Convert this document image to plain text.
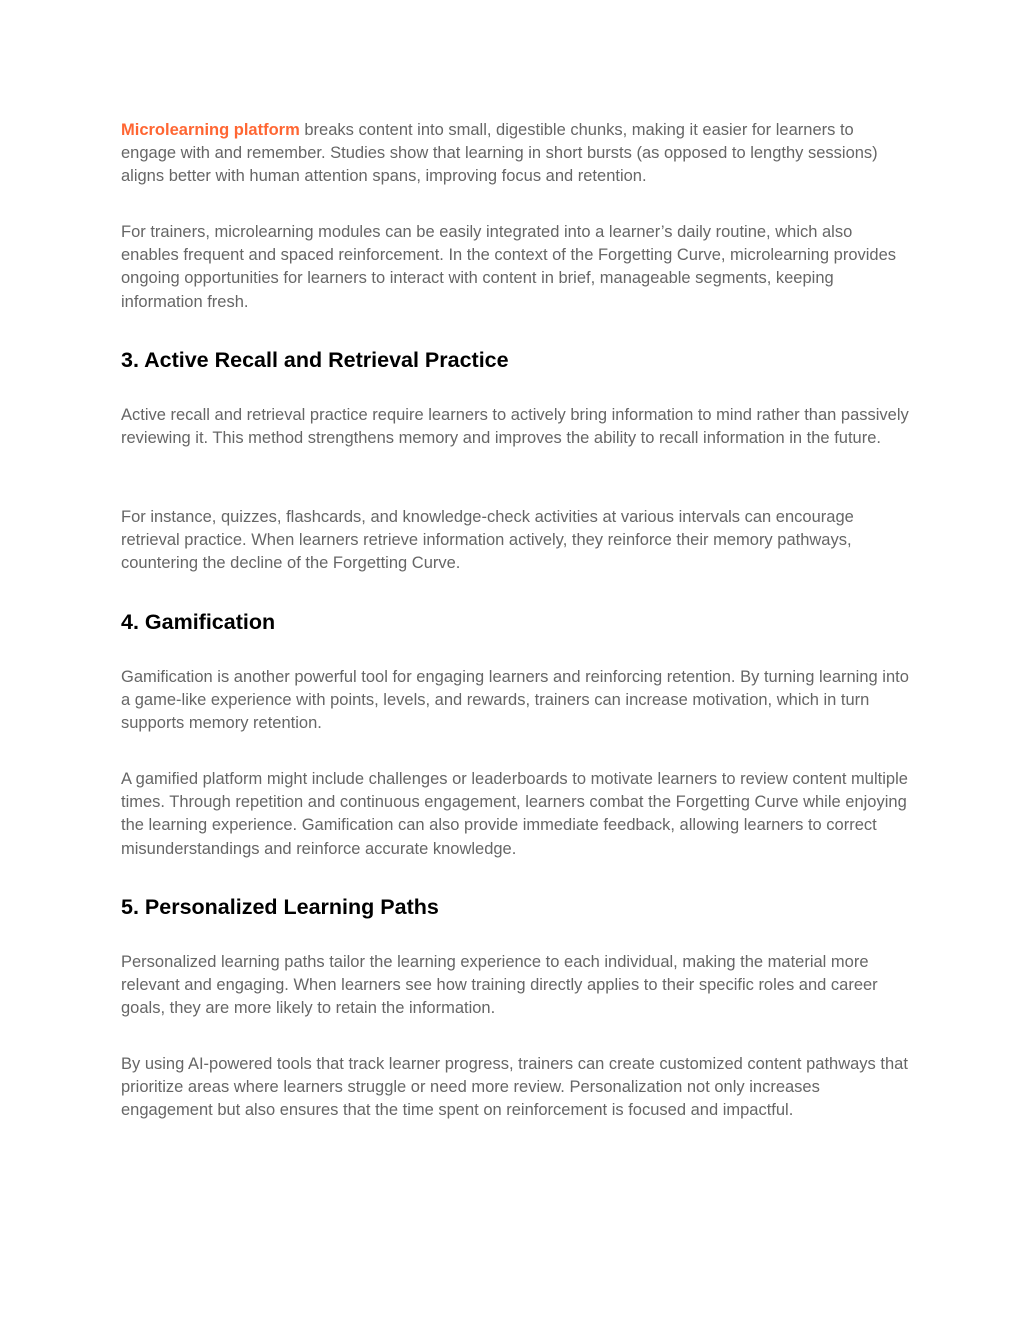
Microlearning platform breaks content into small, digestible chunks, making it easier for learners to engage with and remember. Studies show that learning in short bursts (as opposed to lengthy sessions) aligns better with human attention spans, improving focus and retention.

For trainers, microlearning modules can be easily integrated into a learner’s daily routine, which also enables frequent and spaced reinforcement. In the context of the Forgetting Curve, microlearning provides ongoing opportunities for learners to interact with content in brief, manageable segments, keeping information fresh.

3. Active Recall and Retrieval Practice

Active recall and retrieval practice require learners to actively bring information to mind rather than passively reviewing it. This method strengthens memory and improves the ability to recall information in the future.

For instance, quizzes, flashcards, and knowledge-check activities at various intervals can encourage retrieval practice. When learners retrieve information actively, they reinforce their memory pathways, countering the decline of the Forgetting Curve.

4. Gamification

Gamification is another powerful tool for engaging learners and reinforcing retention. By turning learning into a game-like experience with points, levels, and rewards, trainers can increase motivation, which in turn supports memory retention.

A gamified platform might include challenges or leaderboards to motivate learners to review content multiple times. Through repetition and continuous engagement, learners combat the Forgetting Curve while enjoying the learning experience. Gamification can also provide immediate feedback, allowing learners to correct misunderstandings and reinforce accurate knowledge.

5. Personalized Learning Paths

Personalized learning paths tailor the learning experience to each individual, making the material more relevant and engaging. When learners see how training directly applies to their specific roles and career goals, they are more likely to retain the information.

By using AI-powered tools that track learner progress, trainers can create customized content pathways that prioritize areas where learners struggle or need more review. Personalization not only increases engagement but also ensures that the time spent on reinforcement is focused and impactful.
